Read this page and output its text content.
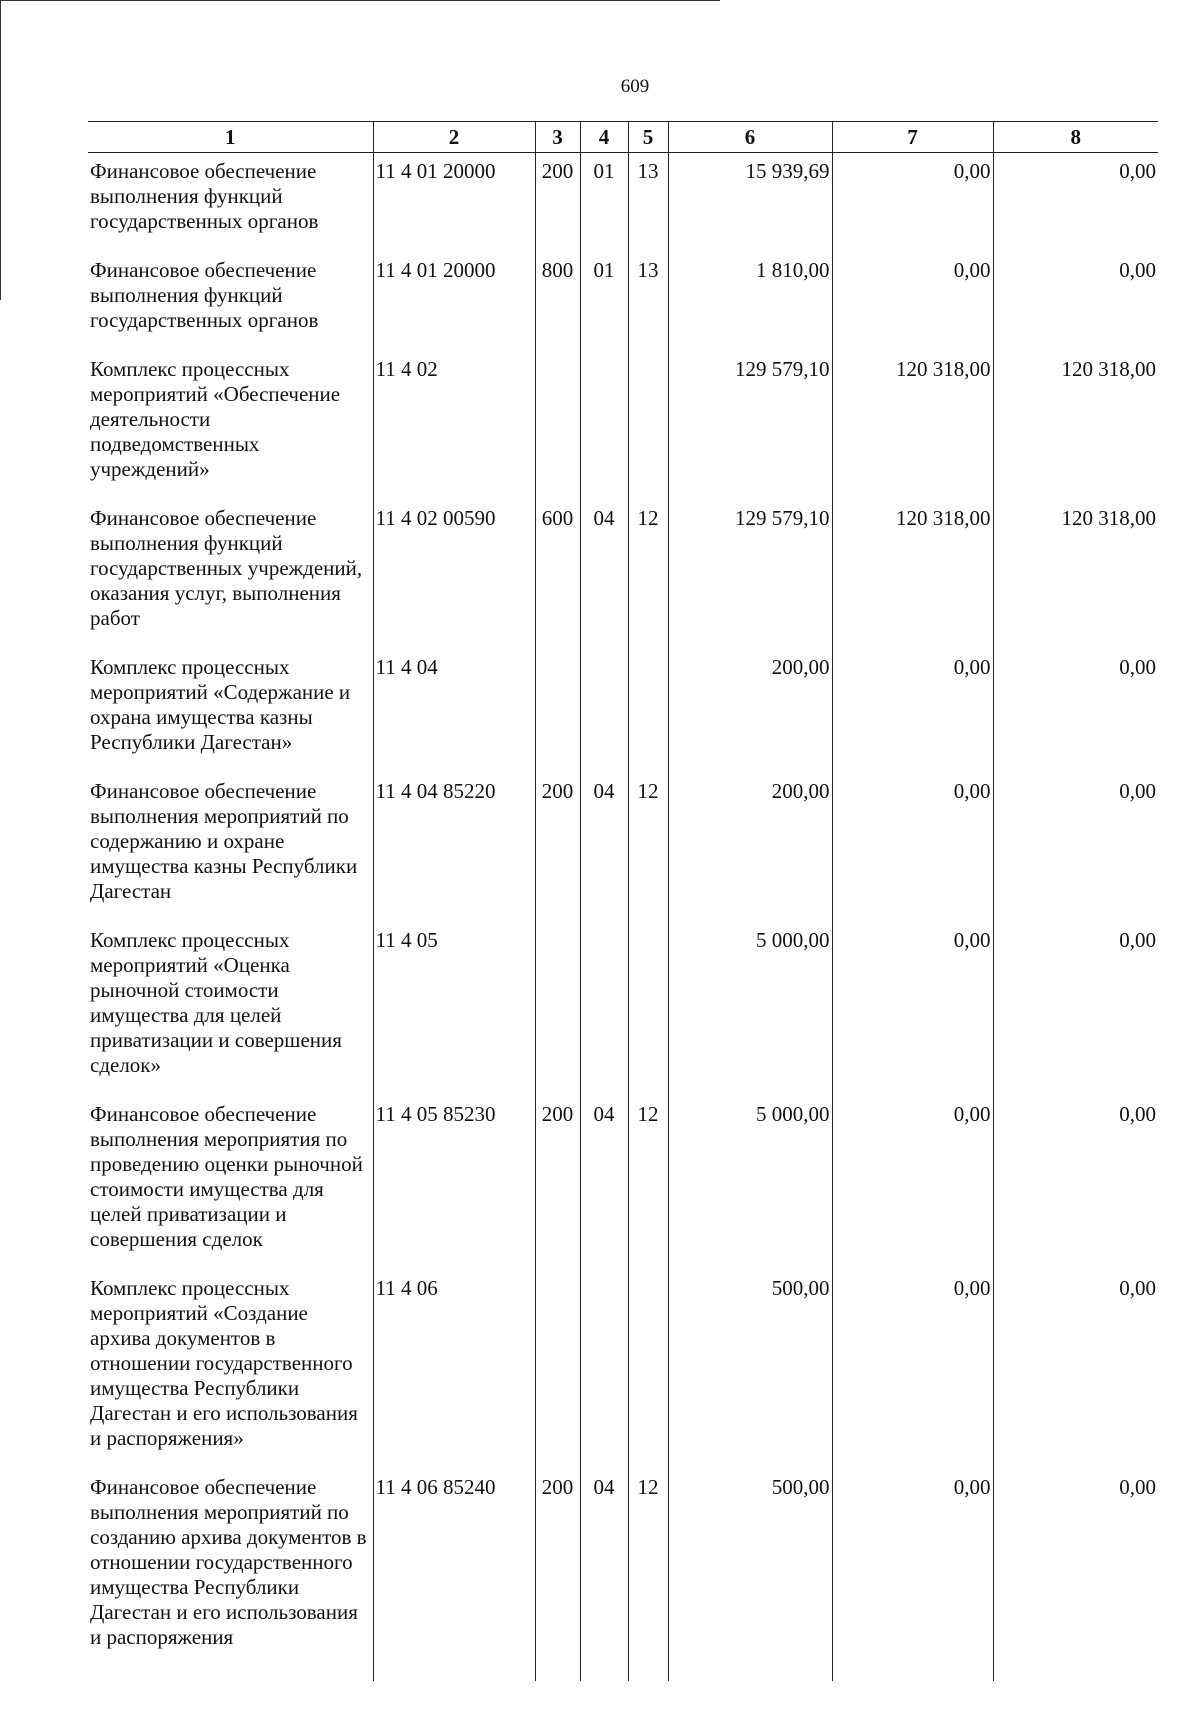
609
1	2	3	4	5	6	7	8
Финансовое обеспечение выполнения функций государственных органов	11 4 01 20000	200	01	13	15 939,69	0,00	0,00
Финансовое обеспечение выполнения функций государственных органов	11 4 01 20000	800	01	13	1 810,00	0,00	0,00
Комплекс процессных мероприятий «Обеспечение деятельности подведомственных учреждений»	11 4 02				129 579,10	120 318,00	120 318,00
Финансовое обеспечение выполнения функций государственных учреждений, оказания услуг, выполнения работ	11 4 02 00590	600	04	12	129 579,10	120 318,00	120 318,00
Комплекс процессных мероприятий «Содержание и охрана имущества казны Республики Дагестан»	11 4 04				200,00	0,00	0,00
Финансовое обеспечение выполнения мероприятий по содержанию и охране имущества казны Республики Дагестан	11 4 04 85220	200	04	12	200,00	0,00	0,00
Комплекс процессных мероприятий «Оценка рыночной стоимости имущества для целей приватизации и совершения сделок»	11 4 05				5 000,00	0,00	0,00
Финансовое обеспечение выполнения мероприятия по проведению оценки рыночной стоимости имущества для целей приватизации и совершения сделок	11 4 05 85230	200	04	12	5 000,00	0,00	0,00
Комплекс процессных мероприятий «Создание архива документов в отношении государственного имущества Республики Дагестан и его использования и распоряжения»	11 4 06				500,00	0,00	0,00
Финансовое обеспечение выполнения мероприятий по созданию архива документов в отношении государственного имущества Республики Дагестан и его использования и распоряжения	11 4 06 85240	200	04	12	500,00	0,00	0,00
